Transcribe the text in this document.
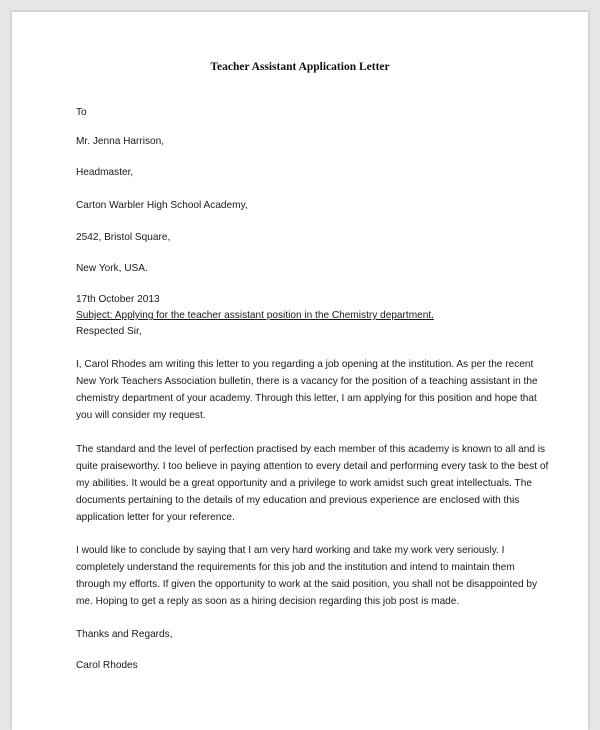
Teacher Assistant Application Letter
To
Mr. Jenna Harrison,
Headmaster,
Carton Warbler High School Academy,
2542, Bristol Square,
New York, USA.
17th October 2013
Subject: Applying for the teacher assistant position in the Chemistry department.
Respected Sir,
I, Carol Rhodes am writing this letter to you regarding a job opening at the institution. As per the recent
New York Teachers Association bulletin, there is a vacancy for the position of a teaching assistant in the
chemistry department of your academy. Through this letter, I am applying for this position and hope that
you will consider my request.
The standard and the level of perfection practised by each member of this academy is known to all and is
quite praiseworthy. I too believe in paying attention to every detail and performing every task to the best of
my abilities. It would be a great opportunity and a privilege to work amidst such great intellectuals. The
documents pertaining to the details of my education and previous experience are enclosed with this
application letter for your reference.
I would like to conclude by saying that I am very hard working and take my work very seriously. I
completely understand the requirements for this job and the institution and intend to maintain them
through my efforts. If given the opportunity to work at the said position, you shall not be disappointed by
me. Hoping to get a reply as soon as a hiring decision regarding this job post is made.
Thanks and Regards,
Carol Rhodes
